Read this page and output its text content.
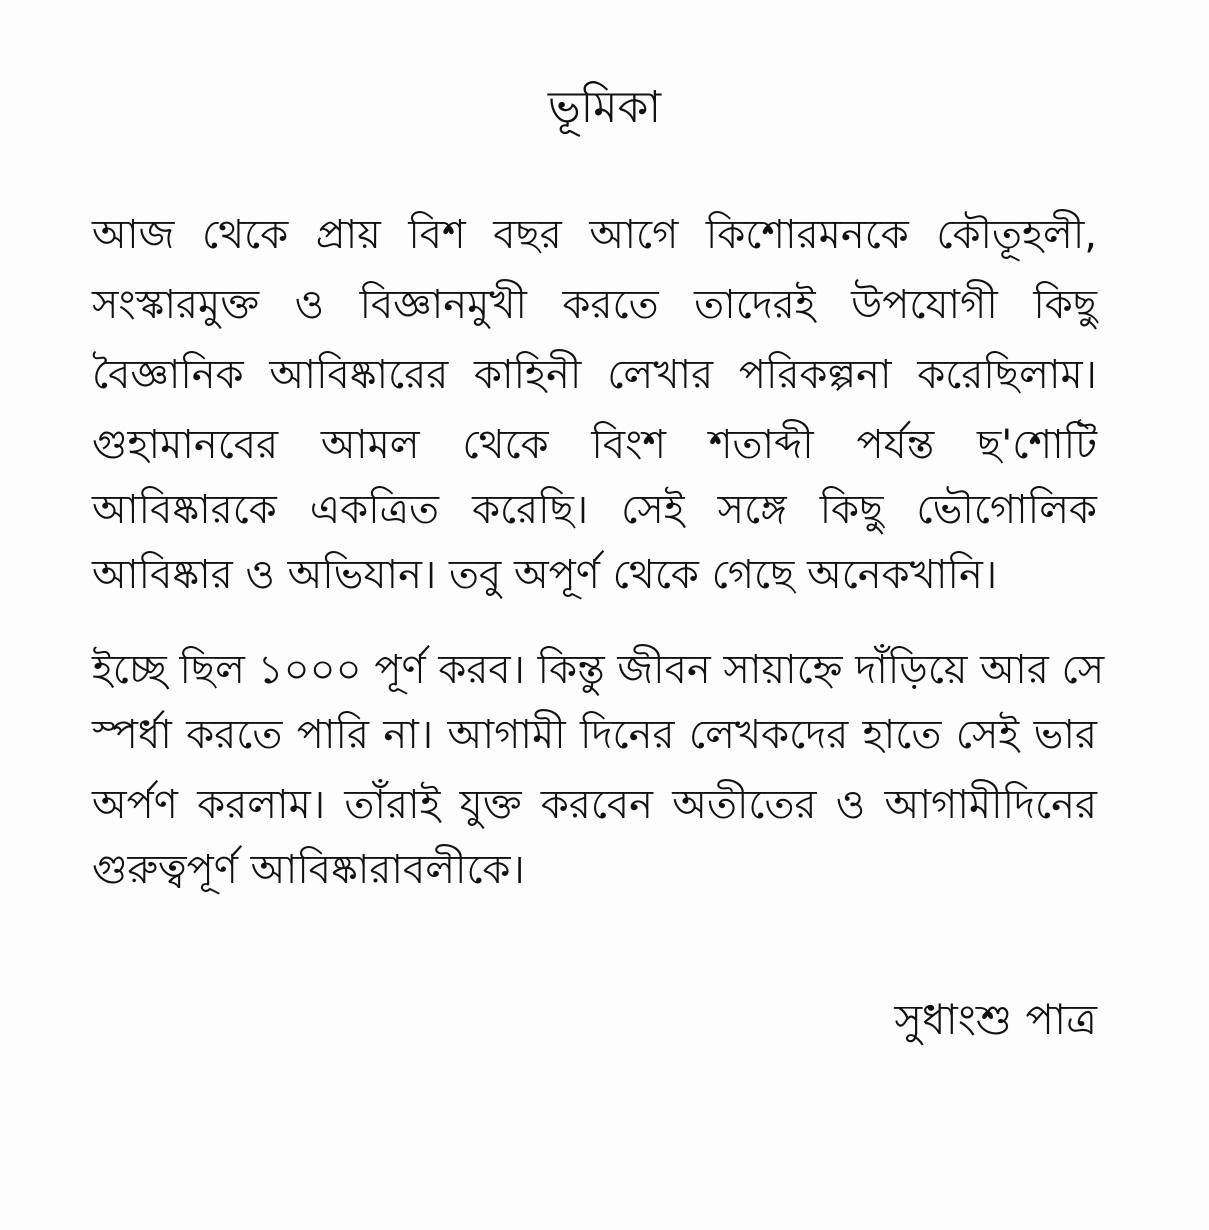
ভূমিকা
আজ থেকে প্রায় বিশ বছর আগে কিশোরমনকে কৌতূহলী,
সংস্কারমুক্ত ও বিজ্ঞানমুখী করতে তাদেরই উপযোগী কিছু
বৈজ্ঞানিক আবিষ্কারের কাহিনী লেখার পরিকল্পনা করেছিলাম।
গুহামানবের আমল থেকে বিংশ শতাব্দী পর্যন্ত ছ'শোটি
আবিষ্কারকে একত্রিত করেছি। সেই সঙ্গে কিছু ভৌগোলিক
আবিষ্কার ও অভিযান। তবু অপূর্ণ থেকে গেছে অনেকখানি।
ইচ্ছে ছিল ১০০০ পূর্ণ করব। কিন্তু জীবন সায়াহ্নে দাঁড়িয়ে আর সে
স্পর্ধা করতে পারি না। আগামী দিনের লেখকদের হাতে সেই ভার
অর্পণ করলাম। তাঁরাই যুক্ত করবেন অতীতের ও আগামীদিনের
গুরুত্বপূর্ণ আবিষ্কারাবলীকে।
সুধাংশু পাত্র
